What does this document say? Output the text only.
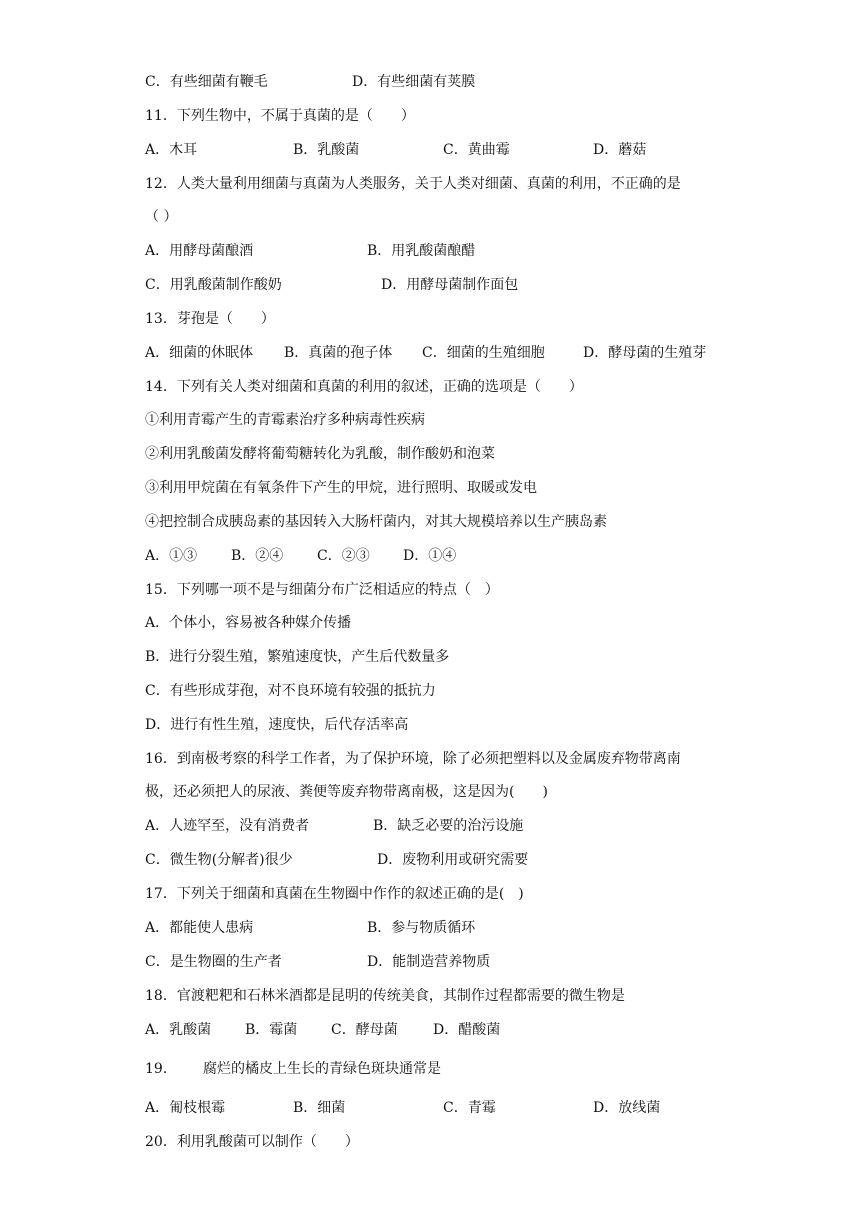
C．有些细菌有鞭毛	D．有些细菌有荚膜
11．下列生物中，不属于真菌的是（　　）
A．木耳	B．乳酸菌	C．黄曲霉	D．蘑菇
12．人类大量利用细菌与真菌为人类服务，关于人类对细菌、真菌的利用，不正确的是
（ ）
A．用酵母菌酿酒	B．用乳酸菌酿醋
C．用乳酸菌制作酸奶	D．用酵母菌制作面包
13．芽孢是（　　）
A．细菌的休眠体 B．真菌的孢子体 C．细菌的生殖细胞	D．酵母菌的生殖芽
14．下列有关人类对细菌和真菌的利用的叙述，正确的选项是（　　）
①利用青霉产生的青霉素治疗多种病毒性疾病
②利用乳酸菌发酵将葡萄糖转化为乳酸，制作酸奶和泡菜
③利用甲烷菌在有氧条件下产生的甲烷，进行照明、取暖或发电
④把控制合成胰岛素的基因转入大肠杆菌内，对其大规模培养以生产胰岛素
A．①③ B．②④ C．②③ D．①④
15．下列哪一项不是与细菌分布广泛相适应的特点（　）
A．个体小，容易被各种媒介传播
B．进行分裂生殖，繁殖速度快，产生后代数量多
C．有些形成芽孢，对不良环境有较强的抵抗力
D．进行有性生殖，速度快，后代存活率高
16．到南极考察的科学工作者，为了保护环境，除了必须把塑料以及金属废弃物带离南
极，还必须把人的尿液、粪便等废弃物带离南极，这是因为(　　)
A．人迹罕至，没有消费者	B．缺乏必要的治污设施
C．微生物(分解者)很少	D．废物利用或研究需要
17．下列关于细菌和真菌在生物圈中作作的叙述正确的是(　)
A．都能使人患病	B．参与物质循环
C．是生物圈的生产者	D．能制造营养物质
18．官渡粑粑和石林米酒都是昆明的传统美食，其制作过程都需要的微生物是
A．乳酸菌 B．霉菌 C．酵母菌	D．醋酸菌
19． 腐烂的橘皮上生长的青绿色斑块通常是
A．匍枝根霉	B．细菌	C．青霉	D．放线菌
20．利用乳酸菌可以制作（　　）
